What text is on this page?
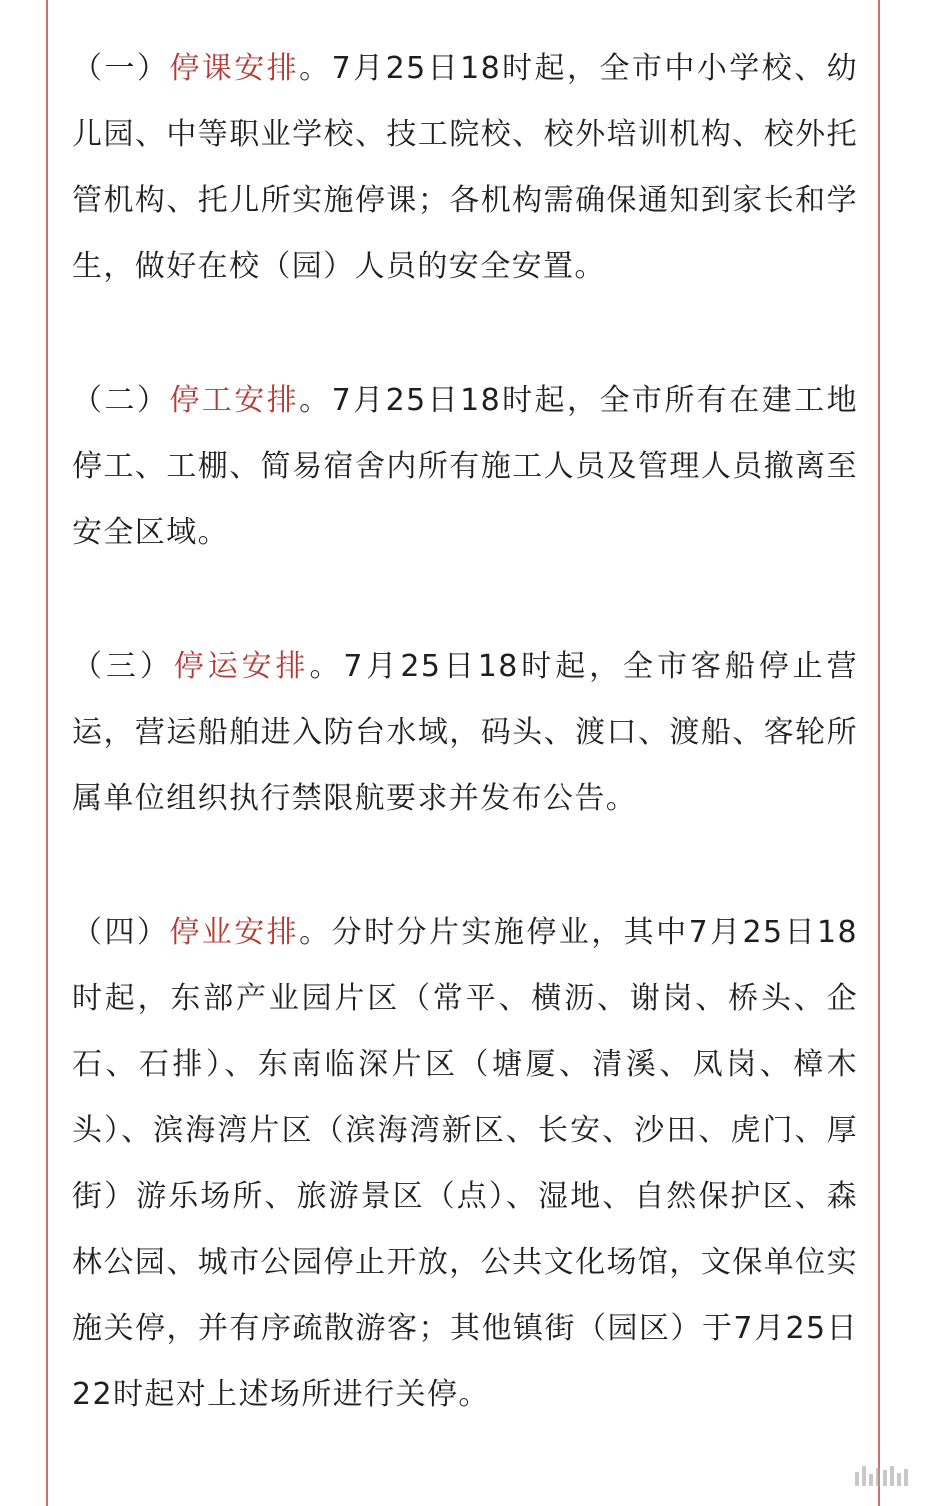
（一）停课安排。7月25日18时起，全市中小学校、幼儿园、中等职业学校、技工院校、校外培训机构、校外托管机构、托儿所实施停课；各机构需确保通知到家长和学生，做好在校（园）人员的安全安置。

（二）停工安排。7月25日18时起，全市所有在建工地停工、工棚、简易宿舍内所有施工人员及管理人员撤离至安全区域。

（三）停运安排。7月25日18时起，全市客船停止营运，营运船舶进入防台水域，码头、渡口、渡船、客轮所属单位组织执行禁限航要求并发布公告。

（四）停业安排。分时分片实施停业，其中7月25日18时起，东部产业园片区（常平、横沥、谢岗、桥头、企石、石排）、东南临深片区（塘厦、清溪、凤岗、樟木头）、滨海湾片区（滨海湾新区、长安、沙田、虎门、厚街）游乐场所、旅游景区（点）、湿地、自然保护区、森林公园、城市公园停止开放，公共文化场馆，文保单位实施关停，并有序疏散游客；其他镇街（园区）于7月25日22时起对上述场所进行关停。
